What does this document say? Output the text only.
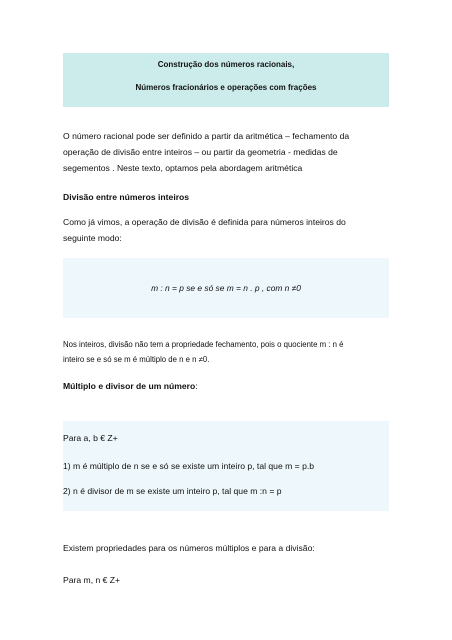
Construção dos números racionais,
Números fracionários e operações com frações
O número racional pode ser definido a partir da aritmética – fechamento da
operação de divisão entre inteiros – ou partir da geometria - medidas de
segementos . Neste texto, optamos pela abordagem aritmética
Divisão entre números inteiros
Como já vimos, a operação de divisão é definida para números inteiros do
seguinte modo:
m : n = p se e só se m = n . p , com n ≠0
Nos inteiros, divisão não tem a propriedade fechamento, pois o quociente m : n é
inteiro se e só se m é múltiplo de n e n ≠0.
Múltiplo e divisor de um número:
Para a, b € Z+
1) m é múltiplo de n se e só se existe um inteiro p, tal que m = p.b
2) n é divisor de m se existe um inteiro p, tal que m :n = p
Existem propriedades para os números múltiplos e para a divisão:
Para m, n € Z+
